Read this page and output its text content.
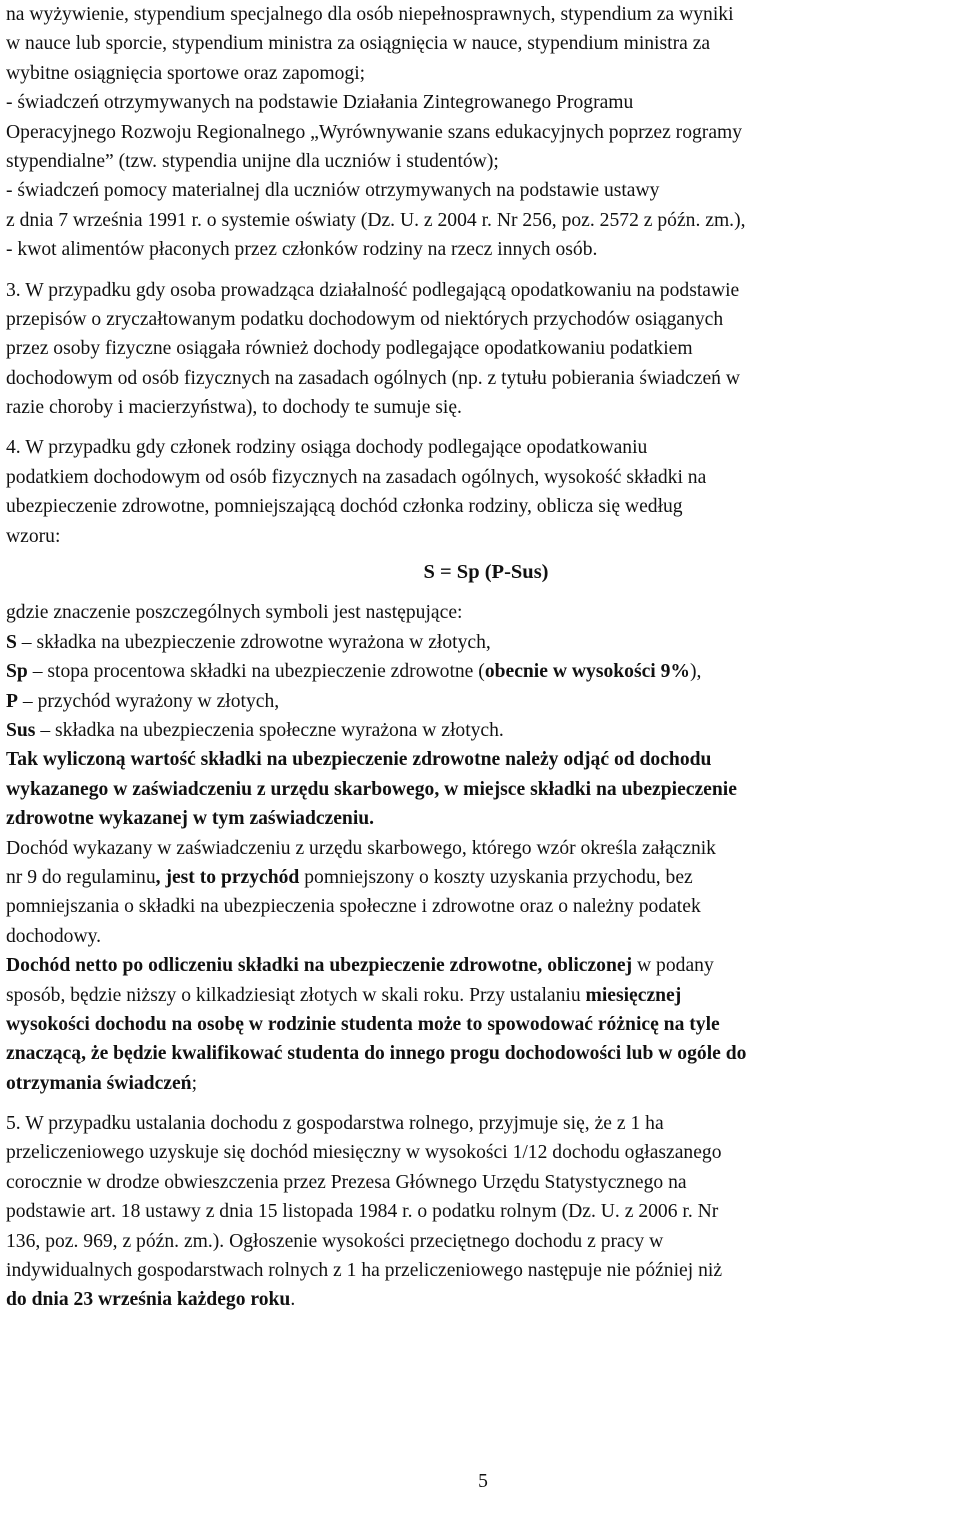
na wyżywienie, stypendium specjalnego dla osób niepełnosprawnych, stypendium za wyniki
w nauce lub sporcie, stypendium ministra za osiągnięcia w nauce, stypendium ministra za
wybitne osiągnięcia sportowe oraz zapomogi;
- świadczeń otrzymywanych na podstawie Działania Zintegrowanego Programu
Operacyjnego Rozwoju Regionalnego „Wyrównywanie szans edukacyjnych poprzez rogramy
stypendialne” (tzw. stypendia unijne dla uczniów i studentów);
- świadczeń pomocy materialnej dla uczniów otrzymywanych na podstawie ustawy
z dnia 7 września 1991 r. o systemie oświaty (Dz. U. z 2004 r. Nr 256, poz. 2572 z późn. zm.),
- kwot alimentów płaconych przez członków rodziny na rzecz innych osób.
3. W przypadku gdy osoba prowadząca działalność podlegającą opodatkowaniu na podstawie
przepisów o zryczałtowanym podatku dochodowym od niektórych przychodów osiąganych
przez osoby fizyczne osiągała również dochody podlegające opodatkowaniu podatkiem
dochodowym od osób fizycznych na zasadach ogólnych (np. z tytułu pobierania świadczeń w
razie choroby i macierzyństwa), to dochody te sumuje się.
4. W przypadku gdy członek rodziny osiąga dochody podlegające opodatkowaniu
podatkiem dochodowym od osób fizycznych na zasadach ogólnych, wysokość składki na
ubezpieczenie zdrowotne, pomniejszającą dochód członka rodziny, oblicza się według
wzoru:
S = Sp (P-Sus)
gdzie znaczenie poszczególnych symboli jest następujące:
S – składka na ubezpieczenie zdrowotne wyrażona w złotych,
Sp – stopa procentowa składki na ubezpieczenie zdrowotne (obecnie w wysokości 9%),
P – przychód wyrażony w złotych,
Sus – składka na ubezpieczenia społeczne wyrażona w złotych.
Tak wyliczoną wartość składki na ubezpieczenie zdrowotne należy odjąć od dochodu
wykazanego w zaświadczeniu z urzędu skarbowego, w miejsce składki na ubezpieczenie
zdrowotne wykazanej w tym zaświadczeniu.
Dochód wykazany w zaświadczeniu z urzędu skarbowego, którego wzór określa załącznik
nr 9 do regulaminu, jest to przychód pomniejszony o koszty uzyskania przychodu, bez
pomniejszania o składki na ubezpieczenia społeczne i zdrowotne oraz o należny podatek
dochodowy.
Dochód netto po odliczeniu składki na ubezpieczenie zdrowotne, obliczonej w podany
sposób, będzie niższy o kilkadziesiąt złotych w skali roku. Przy ustalaniu miesięcznej
wysokości dochodu na osobę w rodzinie studenta może to spowodować różnicę na tyle
znaczącą, że będzie kwalifikować studenta do innego progu dochodowości lub w ogóle do
otrzymania świadczeń;
5. W przypadku ustalania dochodu z gospodarstwa rolnego, przyjmuje się, że z 1 ha
przeliczeniowego uzyskuje się dochód miesięczny w wysokości 1/12 dochodu ogłaszanego
corocznie w drodze obwieszczenia przez Prezesa Głównego Urzędu Statystycznego na
podstawie art. 18 ustawy z dnia 15 listopada 1984 r. o podatku rolnym (Dz. U. z 2006 r. Nr
136, poz. 969, z późn. zm.). Ogłoszenie wysokości przeciętnego dochodu z pracy w
indywidualnych gospodarstwach rolnych z 1 ha przeliczeniowego następuje nie później niż
do dnia 23 września każdego roku.
5
